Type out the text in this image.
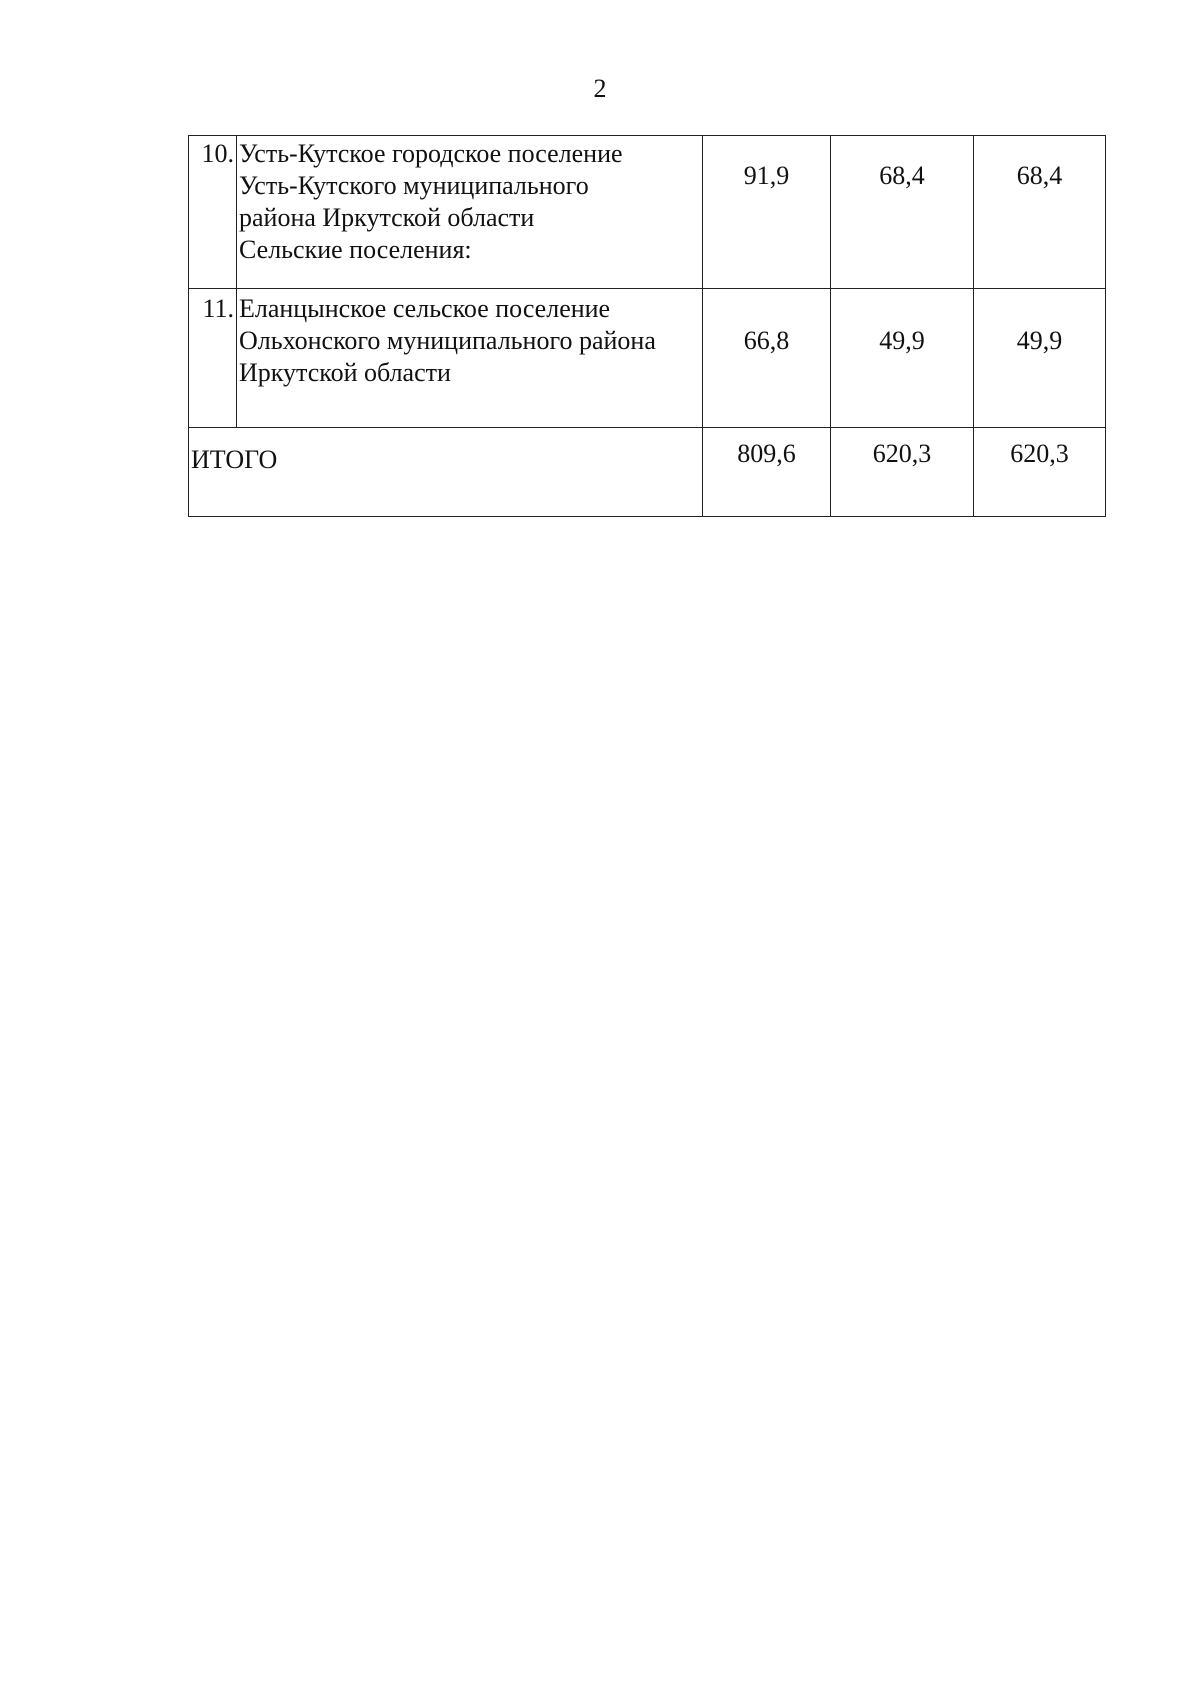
2
10.	Усть-Кутское городское поселение
Усть-Кутского муниципального
района Иркутской области
Сельские поселения:	91,9	68,4	68,4
11.	Еланцынское сельское поселение
Ольхонского муниципального района
Иркутской области	66,8	49,9	49,9
ИТОГО		809,6	620,3	620,3
